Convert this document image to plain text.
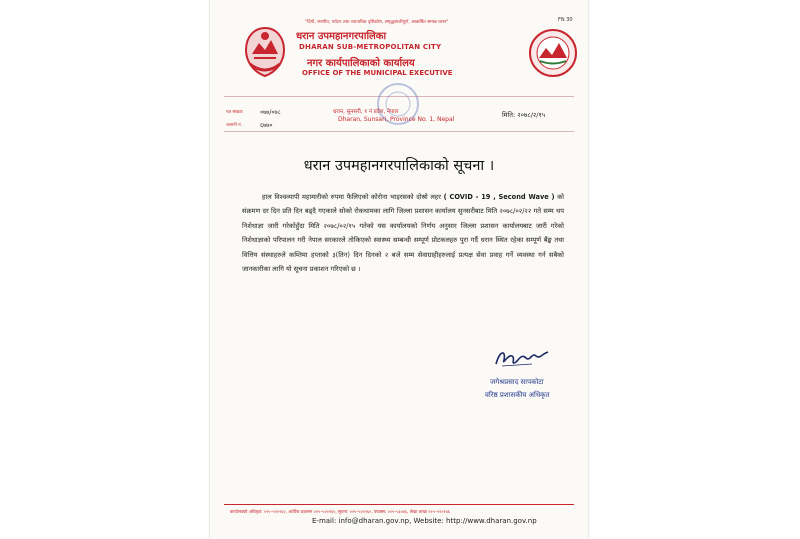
FN 30
"दिगो, रमणीय, पर्यटन तथा व्यापारिक दृष्टिकोण, समृद्धशालीपूर्ण, आकर्षित सम्पन्न धरान"
धरान उपमहानगरपालिका
DHARAN SUB-METROPOLITAN CITY
नगर कार्यपालिकाको कार्यालय
OFFICE OF THE MUNICIPAL EXECUTIVE
पत्र संख्याः	०७७/०७८
चलानी नं.	६७७०
धरान, सुनसरी, १ नं प्रदेश, नेपाल
Dharan, Sunsari, Province No. 1, Nepal
मिति: २०७८/२/१५
धरान उपमहानगरपालिकाको सूचना ।
हाल विश्वव्यापी महामारीको रुपमा फैलिएको कोरोना भाइरसको दोस्रो लहर ( COVID - 19 , Second Wave ) को संक्रमण दर दिन प्रति दिन बढ्दै गएकाले सोको रोकथामका लागि जिल्ला प्रशासन कार्यालय सुनसरीबाट मिति २०७८/०२/२२ गते सम्म थप निशेधाज्ञा जारी गरेकोहुँदा मिति २०७८/०२/१५ गतेको यस कार्यालयको निर्णय अनुसार जिल्ला प्रशासन कार्यालयबाट जारी गरेको निशेधाज्ञाको परिपालन गरी नेपाल सरकारले तोकिएको स्वास्थ्य सम्बन्धी सम्पूर्ण प्रोटकलहरु पुरा गर्दै धरान स्थित रहेका सम्पूर्ण बैंङ्क तथा वित्तिय संस्थाहरुले कम्तिमा हप्ताको ३(तिन) दिन दिनको २ बजे सम्म सेवाग्राहीहरुलाई प्रत्यक्ष सेवा प्रवाह गर्ने व्यवस्था गर्न सबैको जानकारीका लागि यो सूचना प्रकाशन गरिएको छ ।
जगेश्रप्रसाद सापकोटा
वरिष्ठ प्रशासकीय अधिकृत
कार्यालयको अधिकृत: ०२५–५२०२६०, आर्थिक प्रशासन ०२५–५२०२६५, सूचना: ०२५–५२०२६०, फ्याक्स: ०२५–५३०४६, लेखा शाखा ०२५–५२०१४६
E-mail: info@dharan.gov.np, Website: http://www.dharan.gov.np
